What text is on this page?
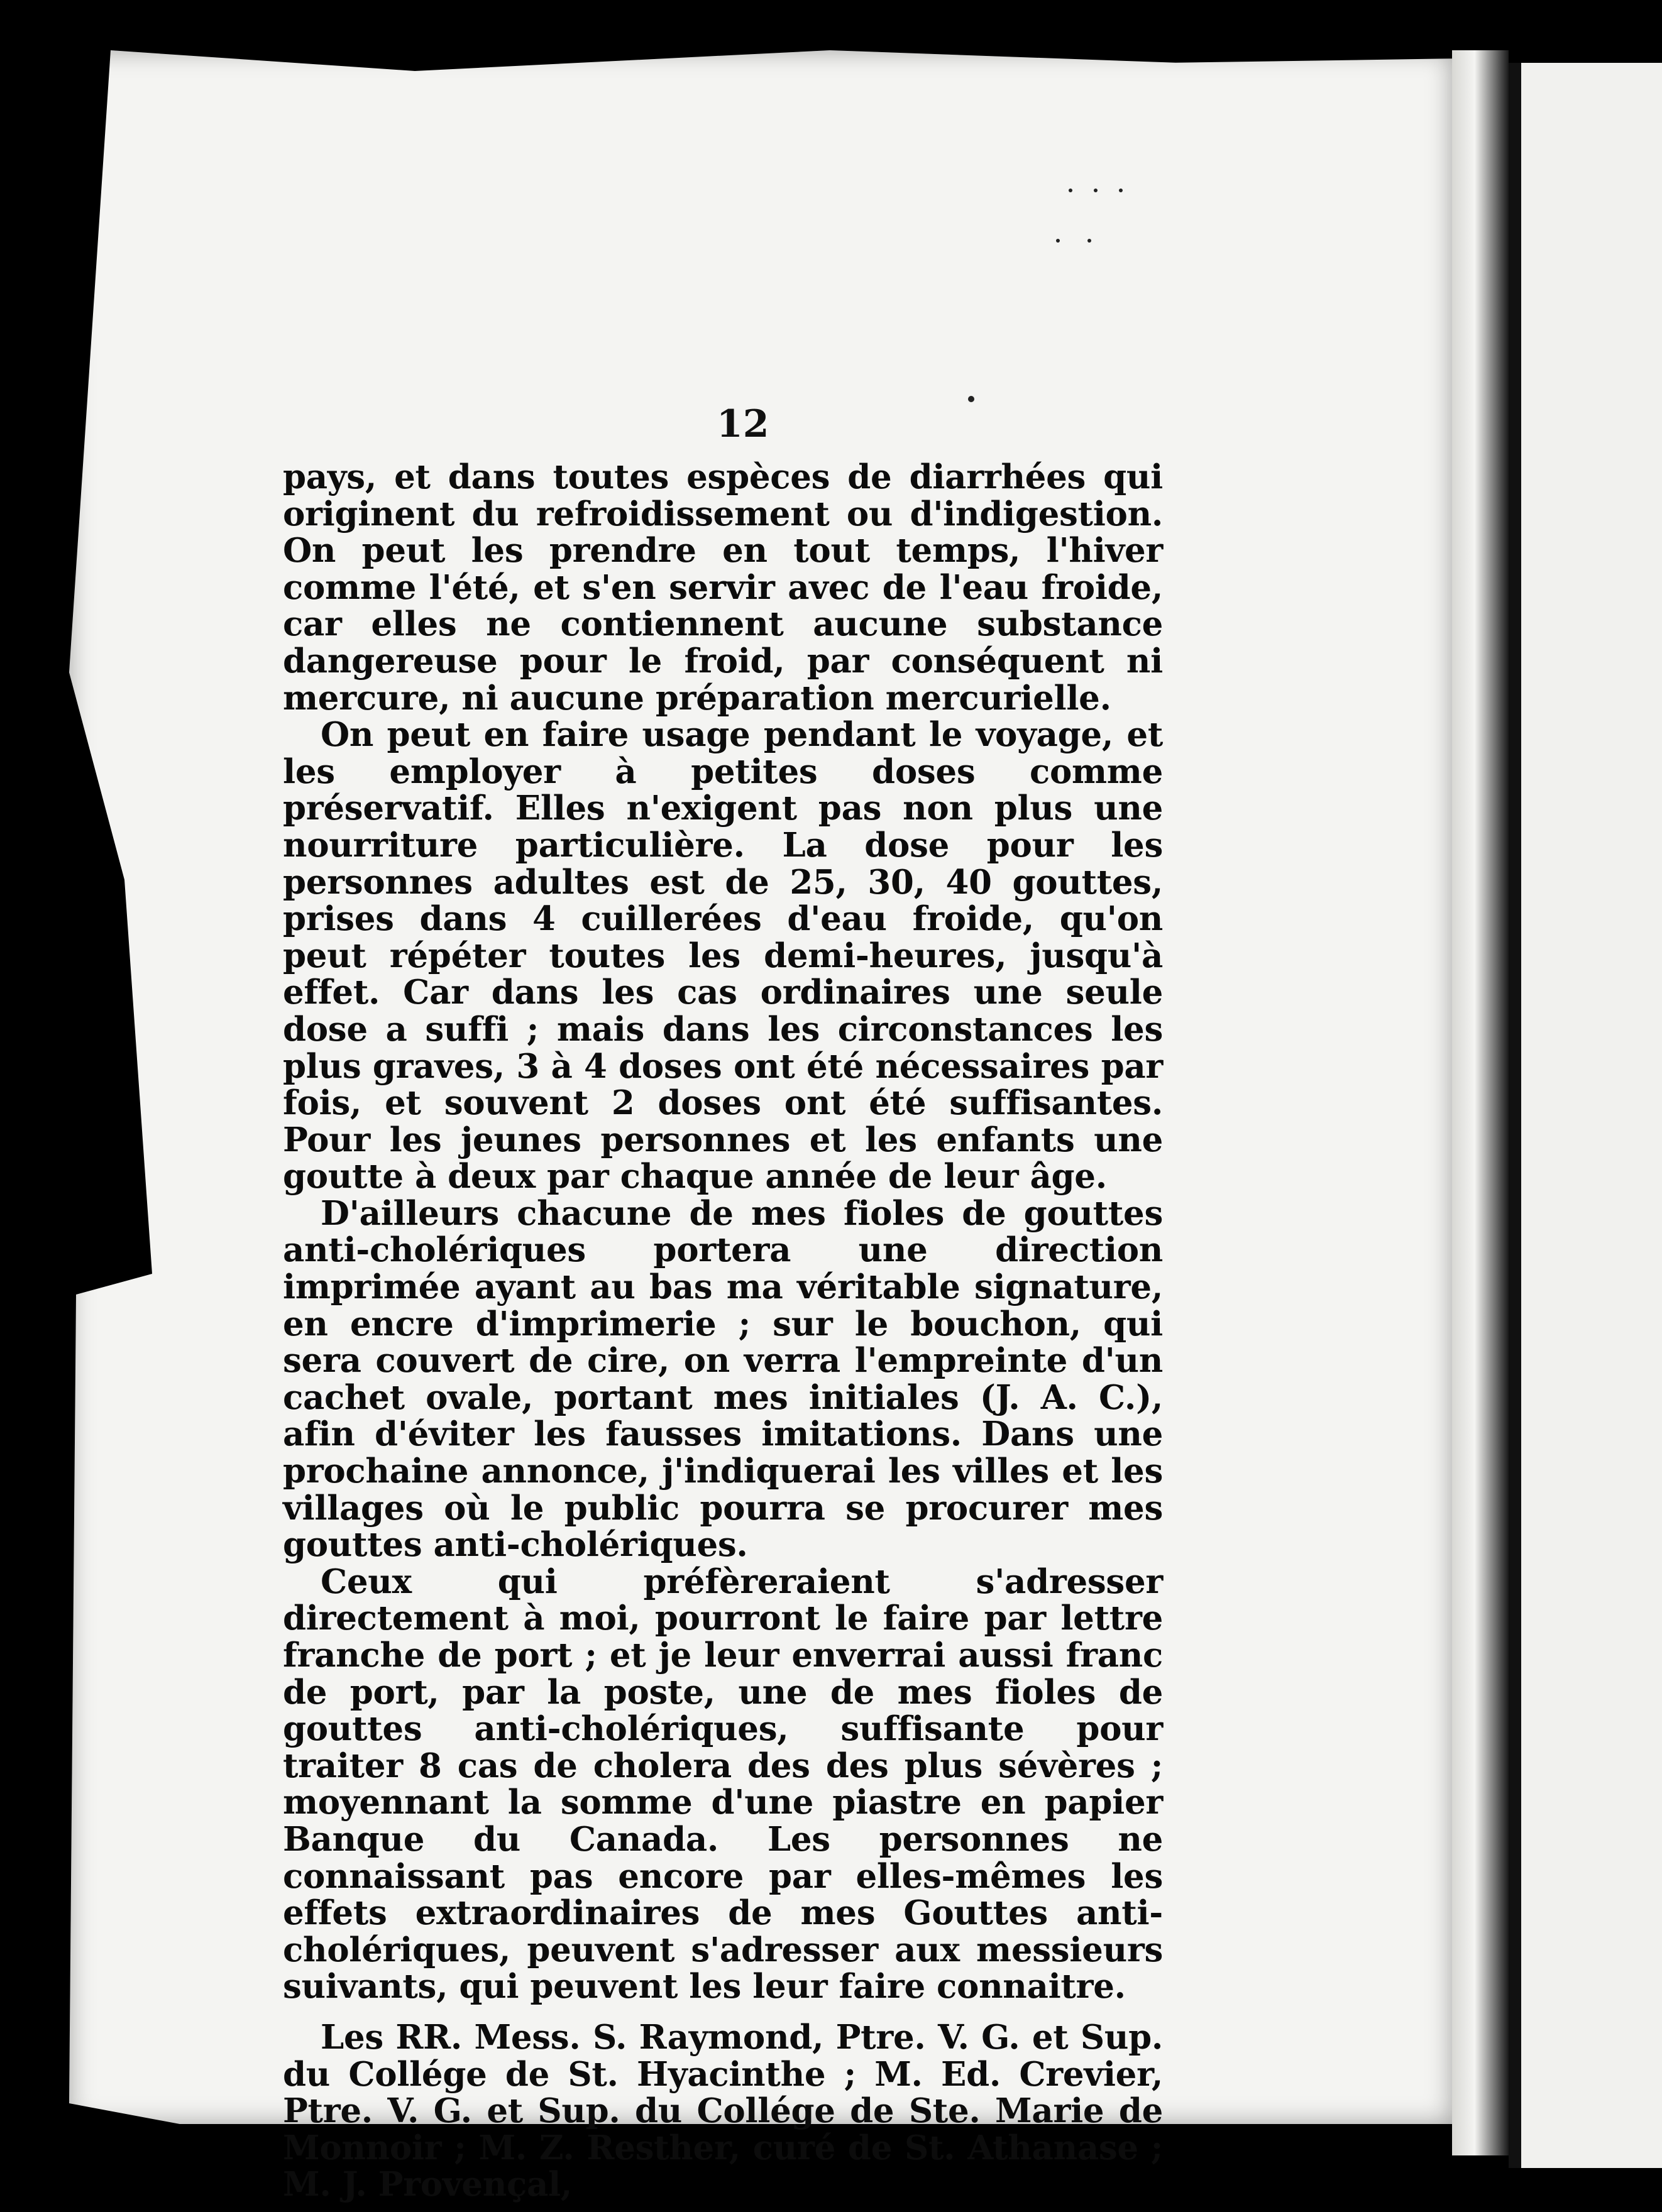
12

pays, et dans toutes espèces de diarrhées qui originent du refroidissement ou d'indigestion. On peut les prendre en tout temps, l'hiver comme l'été, et s'en servir avec de l'eau froide, car elles ne contiennent aucune substance dangereuse pour le froid, par conséquent ni mercure, ni aucune préparation mercurielle.

On peut en faire usage pendant le voyage, et les employer à petites doses comme préservatif. Elles n'exigent pas non plus une nourriture particulière. La dose pour les personnes adultes est de 25, 30, 40 gouttes, prises dans 4 cuillerées d'eau froide, qu'on peut répéter toutes les demi-heures, jusqu'à effet. Car dans les cas ordinaires une seule dose a suffi ; mais dans les circonstances les plus graves, 3 à 4 doses ont été nécessaires par fois, et souvent 2 doses ont été suffisantes. Pour les jeunes personnes et les enfants une goutte à deux par chaque année de leur âge.

D'ailleurs chacune de mes fioles de gouttes anti-cholériques portera une direction imprimée ayant au bas ma véritable signature, en encre d'imprimerie ; sur le bouchon, qui sera couvert de cire, on verra l'empreinte d'un cachet ovale, portant mes initiales (J. A. C.), afin d'éviter les fausses imitations. Dans une prochaine annonce, j'indiquerai les villes et les villages où le public pourra se procurer mes gouttes anti-cholériques.

Ceux qui préfèreraient s'adresser directement à moi, pourront le faire par lettre franche de port ; et je leur enverrai aussi franc de port, par la poste, une de mes fioles de gouttes anti-cholériques, suffisante pour traiter 8 cas de cholera des des plus sévères ; moyennant la somme d'une piastre en papier Banque du Canada. Les personnes ne connaissant pas encore par elles-mêmes les effets extraordinaires de mes Gouttes anti-cholériques, peuvent s'adresser aux messieurs suivants, qui peuvent les leur faire connaitre.

Les RR. Mess. S. Raymond, Ptre. V. G. et Sup. du Collége de St. Hyacinthe ; M. Ed. Crevier, Ptre. V. G. et Sup. du Collége de Ste. Marie de Monnoir ; M. Z. Resther, curé de St. Athanase ; M. J. Provençal,
